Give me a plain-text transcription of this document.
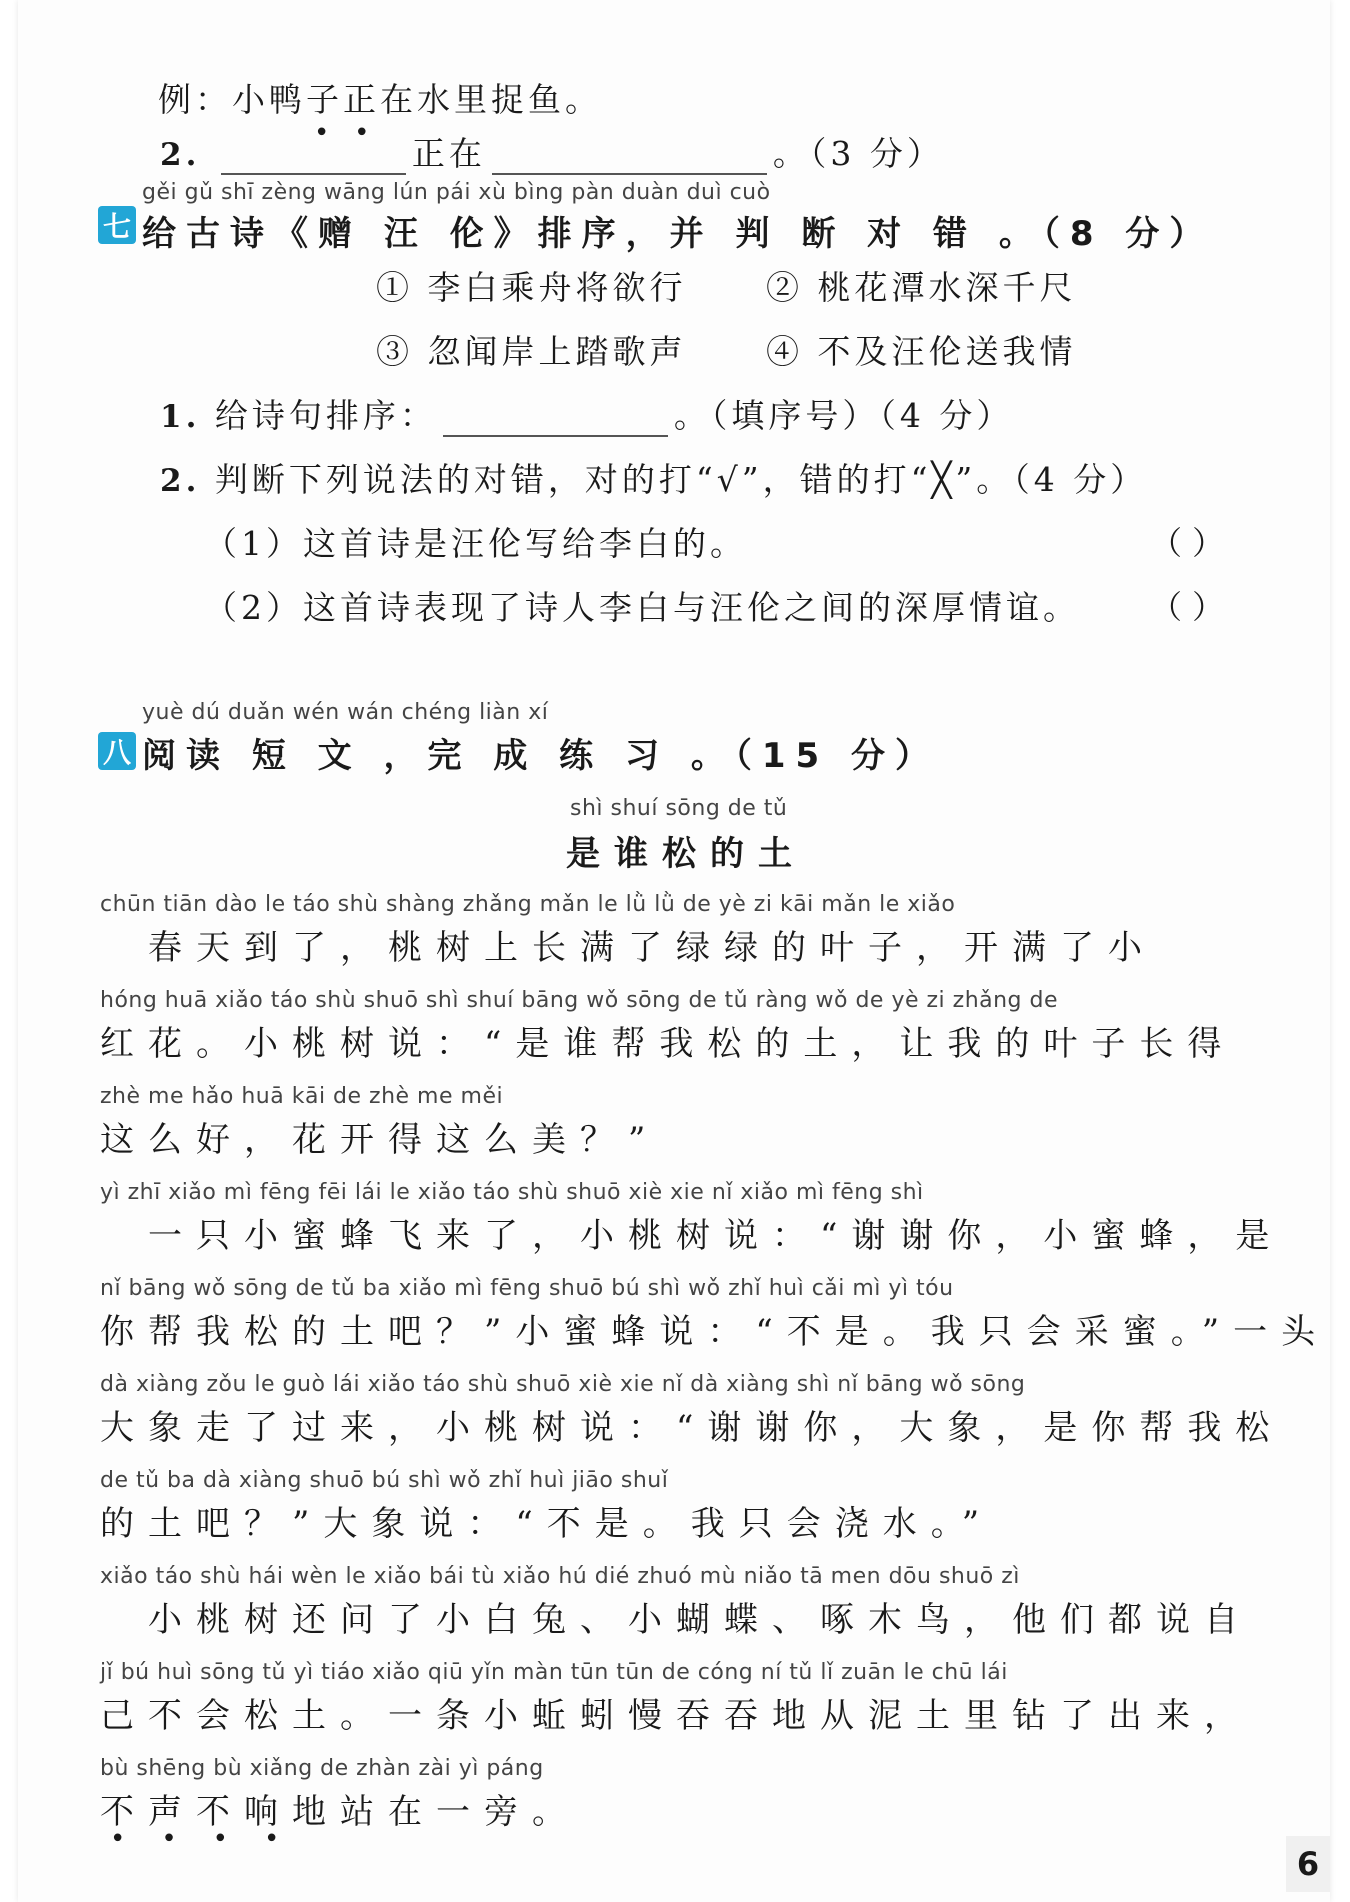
例：小鸭子正在水里捉鱼。
•   •
2.	正在	。（3 分）
gěi gǔ shī zèng wāng lún pái xù bìng pàn duàn duì cuò
七 给古诗《赠 汪 伦》排序，并 判 断 对 错 。（8 分）
① 李白乘舟将欲行 ② 桃花潭水深千尺
③ 忽闻岸上踏歌声 ④ 不及汪伦送我情
1. 给诗句排序：	。（填序号）（4 分）
2. 判断下列说法的对错，对的打“√”，错的打“╳”。（4 分）
（1）这首诗是汪伦写给李白的。	（ ）
（2）这首诗表现了诗人李白与汪伦之间的深厚情谊。 （ ）
yuè dú duǎn wén wán chéng liàn xí
八 阅读 短 文 ，完 成 练 习 。（15 分）
shì shuí sōng de tǔ
是谁松的土
chūn tiān dào le táo shù shàng zhǎng mǎn le lǜ lǜ de yè zi kāi mǎn le xiǎo
　春天到了，桃树上长满了绿绿的叶子，开满了小
hóng huā xiǎo táo shù shuō shì shuí bāng wǒ sōng de tǔ ràng wǒ de yè zi zhǎng de
红花。小桃树说：“是谁帮我松的土，让我的叶子长得
zhè me hǎo huā kāi de zhè me měi
这么好，花开得这么美？”
yì zhī xiǎo mì fēng fēi lái le xiǎo táo shù shuō xiè xie nǐ xiǎo mì fēng shì
　一只小蜜蜂飞来了，小桃树说：“谢谢你，小蜜蜂，是
nǐ bāng wǒ sōng de tǔ ba xiǎo mì fēng shuō bú shì wǒ zhǐ huì cǎi mì yì tóu
你帮我松的土吧？”小蜜蜂说：“不是。我只会采蜜。”一头
dà xiàng zǒu le guò lái xiǎo táo shù shuō xiè xie nǐ dà xiàng shì nǐ bāng wǒ sōng
大象走了过来，小桃树说：“谢谢你，大象，是你帮我松
de tǔ ba dà xiàng shuō bú shì wǒ zhǐ huì jiāo shuǐ
的土吧？”大象说：“不是。我只会浇水。”
xiǎo táo shù hái wèn le xiǎo bái tù xiǎo hú dié zhuó mù niǎo tā men dōu shuō zì
　小桃树还问了小白兔、小蝴蝶、啄木鸟，他们都说自
jǐ bú huì sōng tǔ yì tiáo xiǎo qiū yǐn màn tūn tūn de cóng ní tǔ lǐ zuān le chū lái
己不会松土。一条小蚯蚓慢吞吞地从泥土里钻了出来，
bù shēng bù xiǎng de zhàn zài yì páng
不声不响地站在一旁。
••••
6
